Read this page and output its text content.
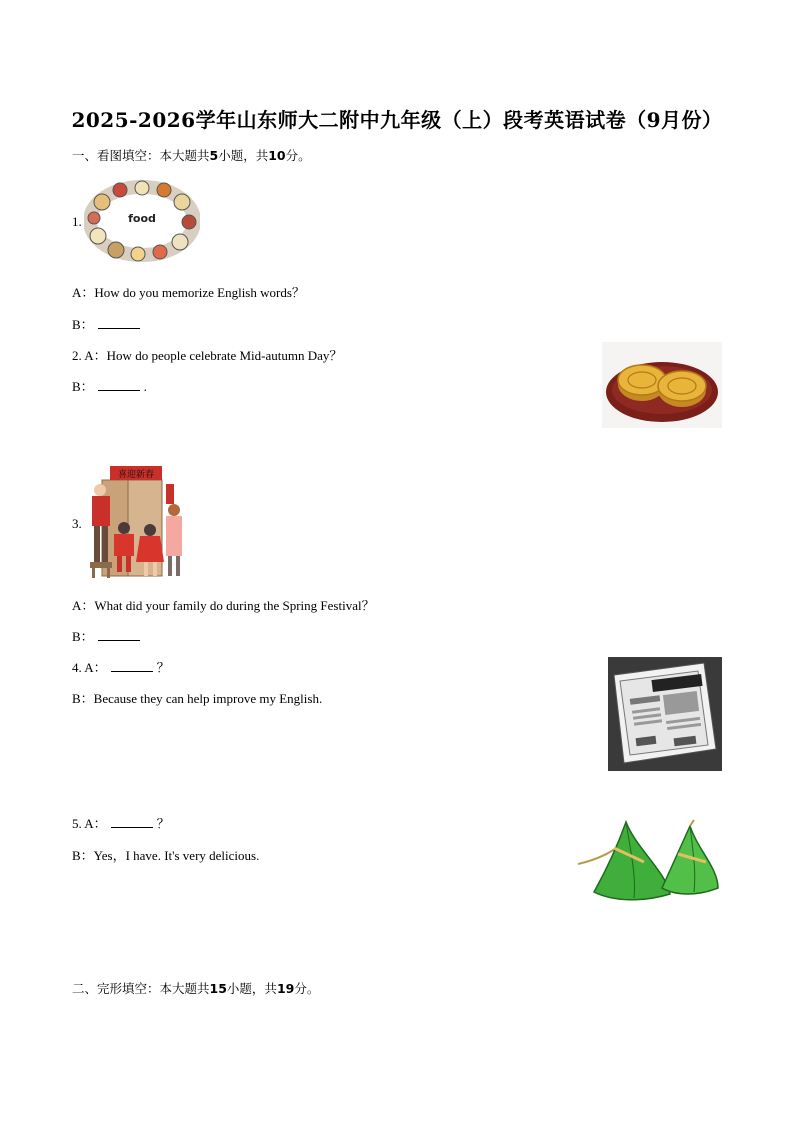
2025-2026学年山东师大二附中九年级（上）段考英语试卷（9月份）
一、看图填空：本大题共5小题，共10分。
1.	food
A：How do you memorize English words？
B：
2. A：How do people celebrate Mid-autumn Day？
B：	.
3.
喜迎新春
A：What did your family do during the Spring Festival？
B：
4. A：	？
B：Because they can help improve my English.
5. A：	？
B：Yes，I have. It's very delicious.
二、完形填空：本大题共15小题，共19分。
